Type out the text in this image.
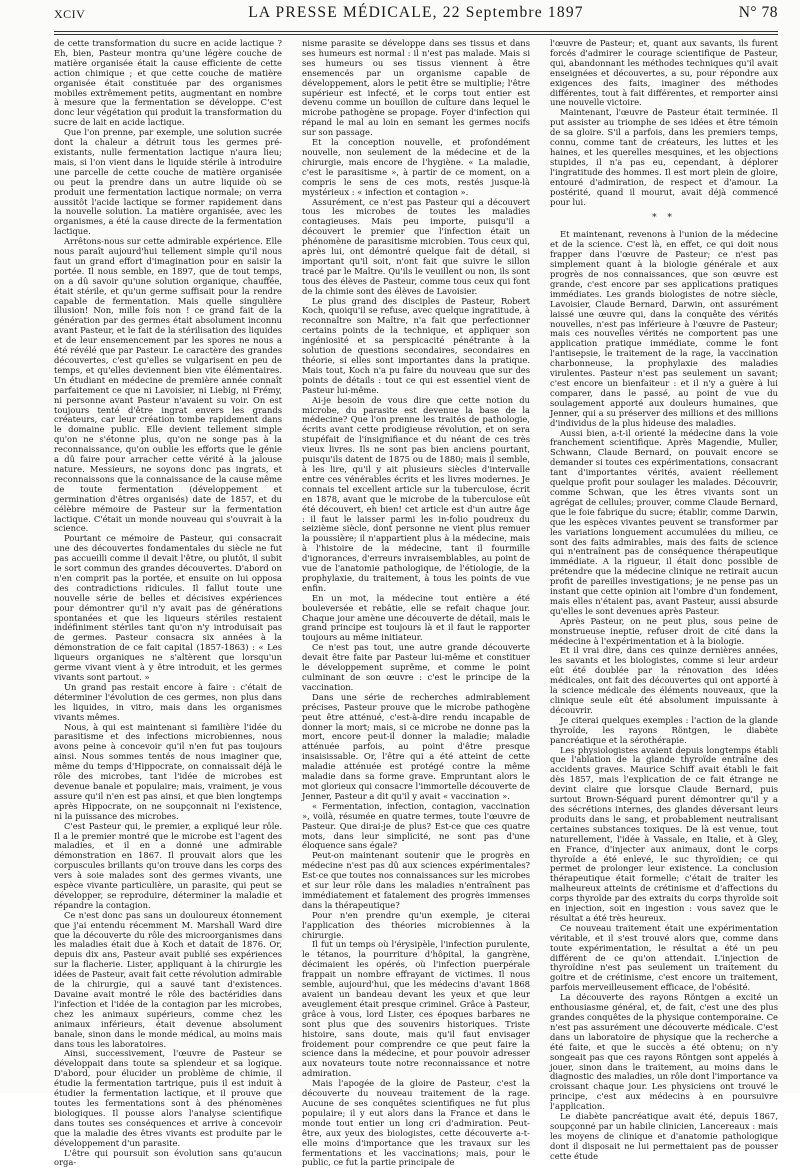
XCIV	LA PRESSE MÉDICALE, 22 Septembre 1897	N° 78

de cette transformation du sucre en acide lactique ? Eh, bien, Pasteur montra qu'une légère couche de matière organisée était la cause efficiente de cette action chimique ; et que cette couche de matière organisée était constituée par des organismes mobiles extrêmement petits, augmentant en nombre à mesure que la fermentation se développe. C'est donc leur végétation qui produit la transformation du sucre de lait en acide lactique.

Que l'on prenne, par exemple, une solution sucrée dont la chaleur a détruit tous les germes pré-existants, nulle fermentation lactique n'aura lieu; mais, si l'on vient dans le liquide stérile à introduire une parcelle de cette couche de matière organisée ou peut la prendre dans un autre liquide où se produit une fermentation lactique normale; on verra aussitôt l'acide lactique se former rapidement dans la nouvelle solution. La matière organisée, avec les organismes, a été la cause directe de la fermentation lactique.

Arrêtons-nous sur cette admirable expérience. Elle nous paraît aujourd'hui tellement simple qu'il nous faut un grand effort d'imagination pour en saisir la portée. Il nous semble, en 1897, que de tout temps, on a dû savoir qu'une solution organique, chauffée, était stérile, et qu'un germe suffisait pour la rendre capable de fermentation. Mais quelle singulière illusion! Non, mille fois non ! ce grand fait de la génération par des germes était absolument inconnu avant Pasteur, et le fait de la stérilisation des liquides et de leur ensemencement par les spores ne nous a été révélé que par Pasteur. Le caractère des grandes découvertes, c'est qu'elles se vulgarisent en peu de temps, et qu'elles deviennent bien vite élémentaires. Un étudiant en médecine de première année connaît parfaitement ce que ni Lavoisier, ni Liebig, ni Frémy, ni personne avant Pasteur n'avaient su voir. On est toujours tenté d'être ingrat envers les grands créateurs, car leur création tombe rapidement dans le domaine public. Elle devient tellement simple qu'on ne s'étonne plus, qu'on ne songe pas à la reconnaissance, qu'on oublie les efforts que le génie a dû faire pour arracher cette vérité à la jalouse nature. Messieurs, ne soyons donc pas ingrats, et reconnaissons que la connaissance de la cause même de toute fermentation (développement et germination d'êtres organisés) date de 1857, et du célèbre mémoire de Pasteur sur la fermentation lactique. C'était un monde nouveau qui s'ouvrait à la science.

Pourtant ce mémoire de Pasteur, qui consacrait une des découvertes fondamentales du siècle ne fut pas accueilli comme il devait l'être, ou plutôt, il subit le sort commun des grandes découvertes. D'abord on n'en comprit pas la portée, et ensuite on lui opposa des contradictions ridicules. Il fallut toute une nouvelle série de belles et décisives expériences pour démontrer qu'il n'y avait pas de générations spontanées et que les liqueurs stériles restaient indéfiniment stériles tant qu'on n'y introduisait pas de germes. Pasteur consacra six années à la démonstration de ce fait capital (1857-1863) : « Les liqueurs organiques ne s'altèrent que lorsqu'un germe vivant vient à y être introduit, et les germes vivants sont partout. »

Un grand pas restait encore à faire : c'était de déterminer l'évolution de ces germes, non plus dans les liquides, in vitro, mais dans les organismes vivants mêmes.

Nous, à qui est maintenant si familière l'idée du parasitisme et des infections microbiennes, nous avons peine à concevoir qu'il n'en fut pas toujours ainsi. Nous sommes tentés de nous imaginer que, même du temps d'Hippocrate, on connaissait déjà le rôle des microbes, tant l'idée de microbes est devenue banale et populaire; mais, vraiment, je vous assure qu'il n'en est pas ainsi, et que bien longtemps après Hippocrate, on ne soupçonnait ni l'existence, ni la puissance des microbes.

C'est Pasteur qui, le premier, a expliqué leur rôle. Il a le premier montré que le microbe est l'agent des maladies, et il en a donné une admirable démonstration en 1867. Il prouvait alors que les corpuscules brillants qu'on trouve dans les corps des vers à soie malades sont des germes vivants, une espèce vivante particulière, un parasite, qui peut se développer, se reproduire, déterminer la maladie et répandre la contagion.

Ce n'est donc pas sans un douloureux étonnement que j'ai entendu récemment M. Marshall Ward dire que la découverte du rôle des microorganismes dans les maladies était due à Koch et datait de 1876. Or, depuis dix ans, Pasteur avait publié ses expériences sur la flacherie. Lister, appliquant à la chirurgie les idées de Pasteur, avait fait cette révolution admirable de la chirurgie, qui a sauvé tant d'existences. Davaine avait montré le rôle des bactéridies dans l'infection et l'idée de la contagion par les microbes, chez les animaux supérieurs, comme chez les animaux inférieurs, était devenue absolument banale, sinon dans le monde médical, au moins mais dans tous les laboratoires.

Ainsi, successivement, l'œuvre de Pasteur se développait dans toute sa splendeur et sa logique. D'abord, pour élucider un problème de chimie, il étudie la fermentation tartrique, puis il est induit à étudier la fermentation lactique, et il prouve que toutes les fermentations sont à des phénomènes biologiques. Il pousse alors l'analyse scientifique dans toutes ses conséquences et arrive à concevoir que la maladie des êtres vivants est produite par le développement d'un parasite.

L'être qui poursuit son évolution sans qu'aucun orga-

nisme parasite se développe dans ses tissus et dans ses humeurs est normal : il n'est pas malade. Mais si ses humeurs ou ses tissus viennent à être ensemencés par un organisme capable de développement, alors le petit être se multiplie; l'être supérieur est infecté, et le corps tout entier est devenu comme un bouillon de culture dans lequel le microbe pathogène se propage. Foyer d'infection qui répand le mal au loin en semant les germes nocifs sur son passage.

Et la conception nouvelle, et profondément nouvelle, non seulement de la médecine et de la chirurgie, mais encore de l'hygiène. « La maladie, c'est le parasitisme », à partir de ce moment, on a compris le sens de ces mots, restés jusque-là mystérieux : « infection et contagion ».

Assurément, ce n'est pas Pasteur qui a découvert tous les microbes de toutes les maladies contagieuses. Mais peu importe, puisqu'il a découvert le premier que l'infection était un phénomène de parasitisme microbien. Tous ceux qui, après lui, ont démontré quelque fait de détail, si important qu'il soit, n'ont fait que suivre le sillon tracé par le Maître. Qu'ils le veuillent ou non, ils sont tous des élèves de Pasteur, comme tous ceux qui font de la chimie sont des élèves de Lavoisier.

Le plus grand des disciples de Pasteur, Robert Koch, quoiqu'il se refuse, avec quelque ingratitude, à reconnaître son Maître, n'a fait que perfectionner certains points de la technique, et appliquer son ingéniosité et sa perspicacité pénétrante à la solution de questions secondaires, secondaires en théorie, si elles sont importantes dans la pratique. Mais tout, Koch n'a pu faire du nouveau que sur des points de détails : tout ce qui est essentiel vient de Pasteur lui-même.

Ai-je besoin de vous dire que cette notion du microbe, du parasite est devenue la base de la médecine? Que l'on prenne les traités de pathologie, écrits avant cette prodigieuse révolution, et on sera stupéfait de l'insignifiance et du néant de ces très vieux livres. Ils ne sont pas bien anciens pourtant, puisqu'ils datent de 1875 ou de 1880; mais il semble, à les lire, qu'il y ait plusieurs siècles d'intervalle entre ces vénérables écrits et les livres modernes. Je connais tel excellent article sur la tuberculose, écrit en 1878, avant que le microbe de la tuberculose eût été découvert, eh bien! cet article est d'un autre âge : il faut le laisser parmi les in-folio poudreux du seizième siècle, dont personne ne vient plus remuer la poussière; il n'appartient plus à la médecine, mais à l'histoire de la médecine, tant il fourmille d'ignorances, d'erreurs invraisemblables, au point de vue de l'anatomie pathologique, de l'étiologie, de la prophylaxie, du traitement, à tous les points de vue enfin.

En un mot, la médecine tout entière a été bouleversée et rebâtie, elle se refait chaque jour. Chaque jour amène une découverte de détail, mais le grand principe est toujours là et il faut le rapporter toujours au même initiateur.

Ce n'est pas tout, une autre grande découverte devait être faite par Pasteur lui-même et constituer le développement suprême, et comme le point culminant de son œuvre : c'est le principe de la vaccination.

Dans une série de recherches admirablement précises, Pasteur prouve que le microbe pathogène peut être atténué, c'est-à-dire rendu incapable de donner la mort; mais, si ce microbe ne donne pas la mort, encore peut-il donner la maladie; maladie atténuée parfois, au point d'être presque insaisissable. Or, l'être qui a été atteint de cette maladie atténuée est protégé contre la même maladie dans sa forme grave. Empruntant alors le mot glorieux qui consacre l'immortelle découverte de Jenner, Pasteur a dit qu'il y avait « vaccination ».

« Fermentation, infection, contagion, vaccination », voilà, résumée en quatre termes, toute l'œuvre de Pasteur. Que dirai-je de plus? Est-ce que ces quatre mots, dans leur simplicité, ne sont pas d'une éloquence sans égale?

Peut-on maintenant soutenir que le progrès en médecine n'est pas dû aux sciences expérimentales? Est-ce que toutes nos connaissances sur les microbes et sur leur rôle dans les maladies n'entraînent pas immédiatement et fatalement des progrès immenses dans la thérapeutique?

Pour n'en prendre qu'un exemple, je citerai l'application des théories microbiennes à la chirurgie.

Il fut un temps où l'érysipèle, l'infection purulente, le tétanos, la pourriture d'hôpital, la gangrène, décimaient les opérés, où l'infection puerpérale frappait un nombre effrayant de victimes. Il nous semble, aujourd'hui, que les médecins d'avant 1868 avaient un bandeau devant les yeux et que leur aveuglement était presque criminel. Grâce à Pasteur, grâce à vous, lord Lister, ces époques barbares ne sont plus que des souvenirs historiques. Triste histoire, sans doute, mais qu'il faut envisager froidement pour comprendre ce que peut faire la science dans la médecine, et pour pouvoir adresser aux novateurs toute notre reconnaissance et notre admiration.

Mais l'apogée de la gloire de Pasteur, c'est la découverte du nouveau traitement de la rage. Aucune de ses conquêtes scientifiques ne fut plus populaire; il y eut alors dans la France et dans le monde tout entier un long cri d'admiration. Peut-être, aux yeux des biologistes, cette découverte a-t-elle moins d'importance que les travaux sur les fermentations et les vaccinations; mais, pour le public, ce fut la partie principale de

l'œuvre de Pasteur; et, quant aux savants, ils furent forcés d'admirer le courage scientifique de Pasteur, qui, abandonnant les méthodes techniques qu'il avait enseignées et découvertes, a su, pour répondre aux exigences des faits, imaginer des méthodes différentes, tout à fait différentes, et remporter ainsi une nouvelle victoire.

Maintenant, l'œuvre de Pasteur était terminée. Il put assister au triomphe de ses idées et être témoin de sa gloire. S'il a parfois, dans les premiers temps, connu, comme tant de créateurs, les luttes et les haines, et les querelles mesquines, et les objections stupides, il n'a pas eu, cependant, à déplorer l'ingratitude des hommes. Il est mort plein de gloire, entouré d'admiration, de respect et d'amour. La postérité, quand il mourut, avait déjà commencé pour lui.

* *

Et maintenant, revenons à l'union de la médecine et de la science. C'est là, en effet, ce qui doit nous frapper dans l'œuvre de Pasteur; ce n'est pas simplement quant à la biologie générale et aux progrès de nos connaissances, que son œuvre est grande, c'est encore par ses applications pratiques immédiates. Les grands biologistes de notre siècle, Lavoisier, Claude Bernard, Darwin, ont assurément laissé une œuvre qui, dans la conquête des vérités nouvelles, n'est pas inférieure à l'œuvre de Pasteur; mais ces nouvelles vérités ne comportent pas une application pratique immédiate, comme le font l'antisepsie, le traitement de la rage, la vaccination charbonneuse, la prophylaxie des maladies virulentes. Pasteur n'est pas seulement un savant; c'est encore un bienfaiteur : et il n'y a guère à lui comparer, dans le passé, au point de vue du soulagement apporté aux douleurs humaines, que Jenner, qui a su préserver des millions et des millions d'individus de la plus hideuse des maladies.

Aussi bien, a-t-il orienté la médecine dans la voie franchement scientifique. Après Magendie, Muller, Schwann, Claude Bernard, on pouvait encore se demander si toutes ces expérimentations, consacrant tant d'importantes vérités, avaient réellement quelque profit pour soulager les malades. Découvrir, comme Schwan, que les êtres vivants sont un agrégat de cellules; prouver, comme Claude Bernard, que le foie fabrique du sucre; établir, comme Darwin, que les espèces vivantes peuvent se transformer par les variations longuement accumulées du milieu, ce sont des faits admirables, mais des faits de science qui n'entraînent pas de conséquence thérapeutique immédiate. A la rigueur, il était donc possible de prétendre que la médecine clinique ne retirait aucun profit de pareilles investigations; je ne pense pas un instant que cette opinion ait l'ombre d'un fondement, mais elles n'étaient pas, avant Pasteur, aussi absurde qu'elles le sont devenues après Pasteur.

Après Pasteur, on ne peut plus, sous peine de monstrueuse ineptie, refuser droit de cité dans la médecine à l'expérimentation et à la biologie.

Et il vrai dire, dans ces quinze dernières années, les savants et les biologistes, comme si leur ardeur eût été doublée par la rénovation des idées médicales, ont fait des découvertes qui ont apporté à la science médicale des éléments nouveaux, que la clinique seule eût été absolument impuissante à découvrir.

Je citerai quelques exemples : l'action de la glande thyroïde, les rayons Röntgen, le diabète pancréatique et la sérothérapie.

Les physiologistes avaient depuis longtemps établi que l'ablation de la glande thyroïde entraîne des accidents graves. Maurice Schiff avait établi le fait dès 1857, mais l'explication de ce fait étrange ne devint claire que lorsque Claude Bernard, puis surtout Brown-Séquard purent démontrer qu'il y a des sécrétions internes, des glandes déversant leurs produits dans le sang, et probablement neutralisant certaines substances toxiques. De là est venue, tout naturellement, l'idée à Vassale, en Italie, et à Gley, en France, d'injecter aux animaux, dont le corps thyroïde a été enlevé, le suc thyroïdien; ce qui permet de prolonger leur existence. La conclusion thérapeutique était formelle; c'était de traiter les malheureux atteints de crétinisme et d'affections du corps thyroïde par des extraits du corps thyroïde soit en injection, soit en ingestion : vous savez que le résultat a été très heureux.

Ce nouveau traitement était une expérimentation véritable, et il s'est trouvé alors que, comme dans toute expérimentation, le résultat a été un peu différent de ce qu'on attendait. L'injection de thyroïdine n'est pas seulement un traitement du goitre et de crétinisme, c'est encore un traitement, parfois merveilleusement efficace, de l'obésité.

La découverte des rayons Röntgen a excité un enthousiasme général, et, de fait, c'est une des plus grandes conquêtes de la physique contemporaine. Ce n'est pas assurément une découverte médicale. C'est dans un laboratoire de physique que la recherche a été faite, et que le succès a été obtenu; on n'y songeait pas que ces rayons Röntgen sont appelés à jouer, sinon dans le traitement, au moins dans le diagnostic des maladies, un rôle dont l'importance va croissant chaque jour. Les physiciens ont trouvé le principe, c'est aux médecins à en poursuivre l'application.

Le diabète pancréatique avait été, depuis 1867, soupçonné par un habile clinicien, Lancereaux : mais les moyens de clinique et d'anatomie pathologique dont il disposait ne lui permettaient pas de pousser cette étude
